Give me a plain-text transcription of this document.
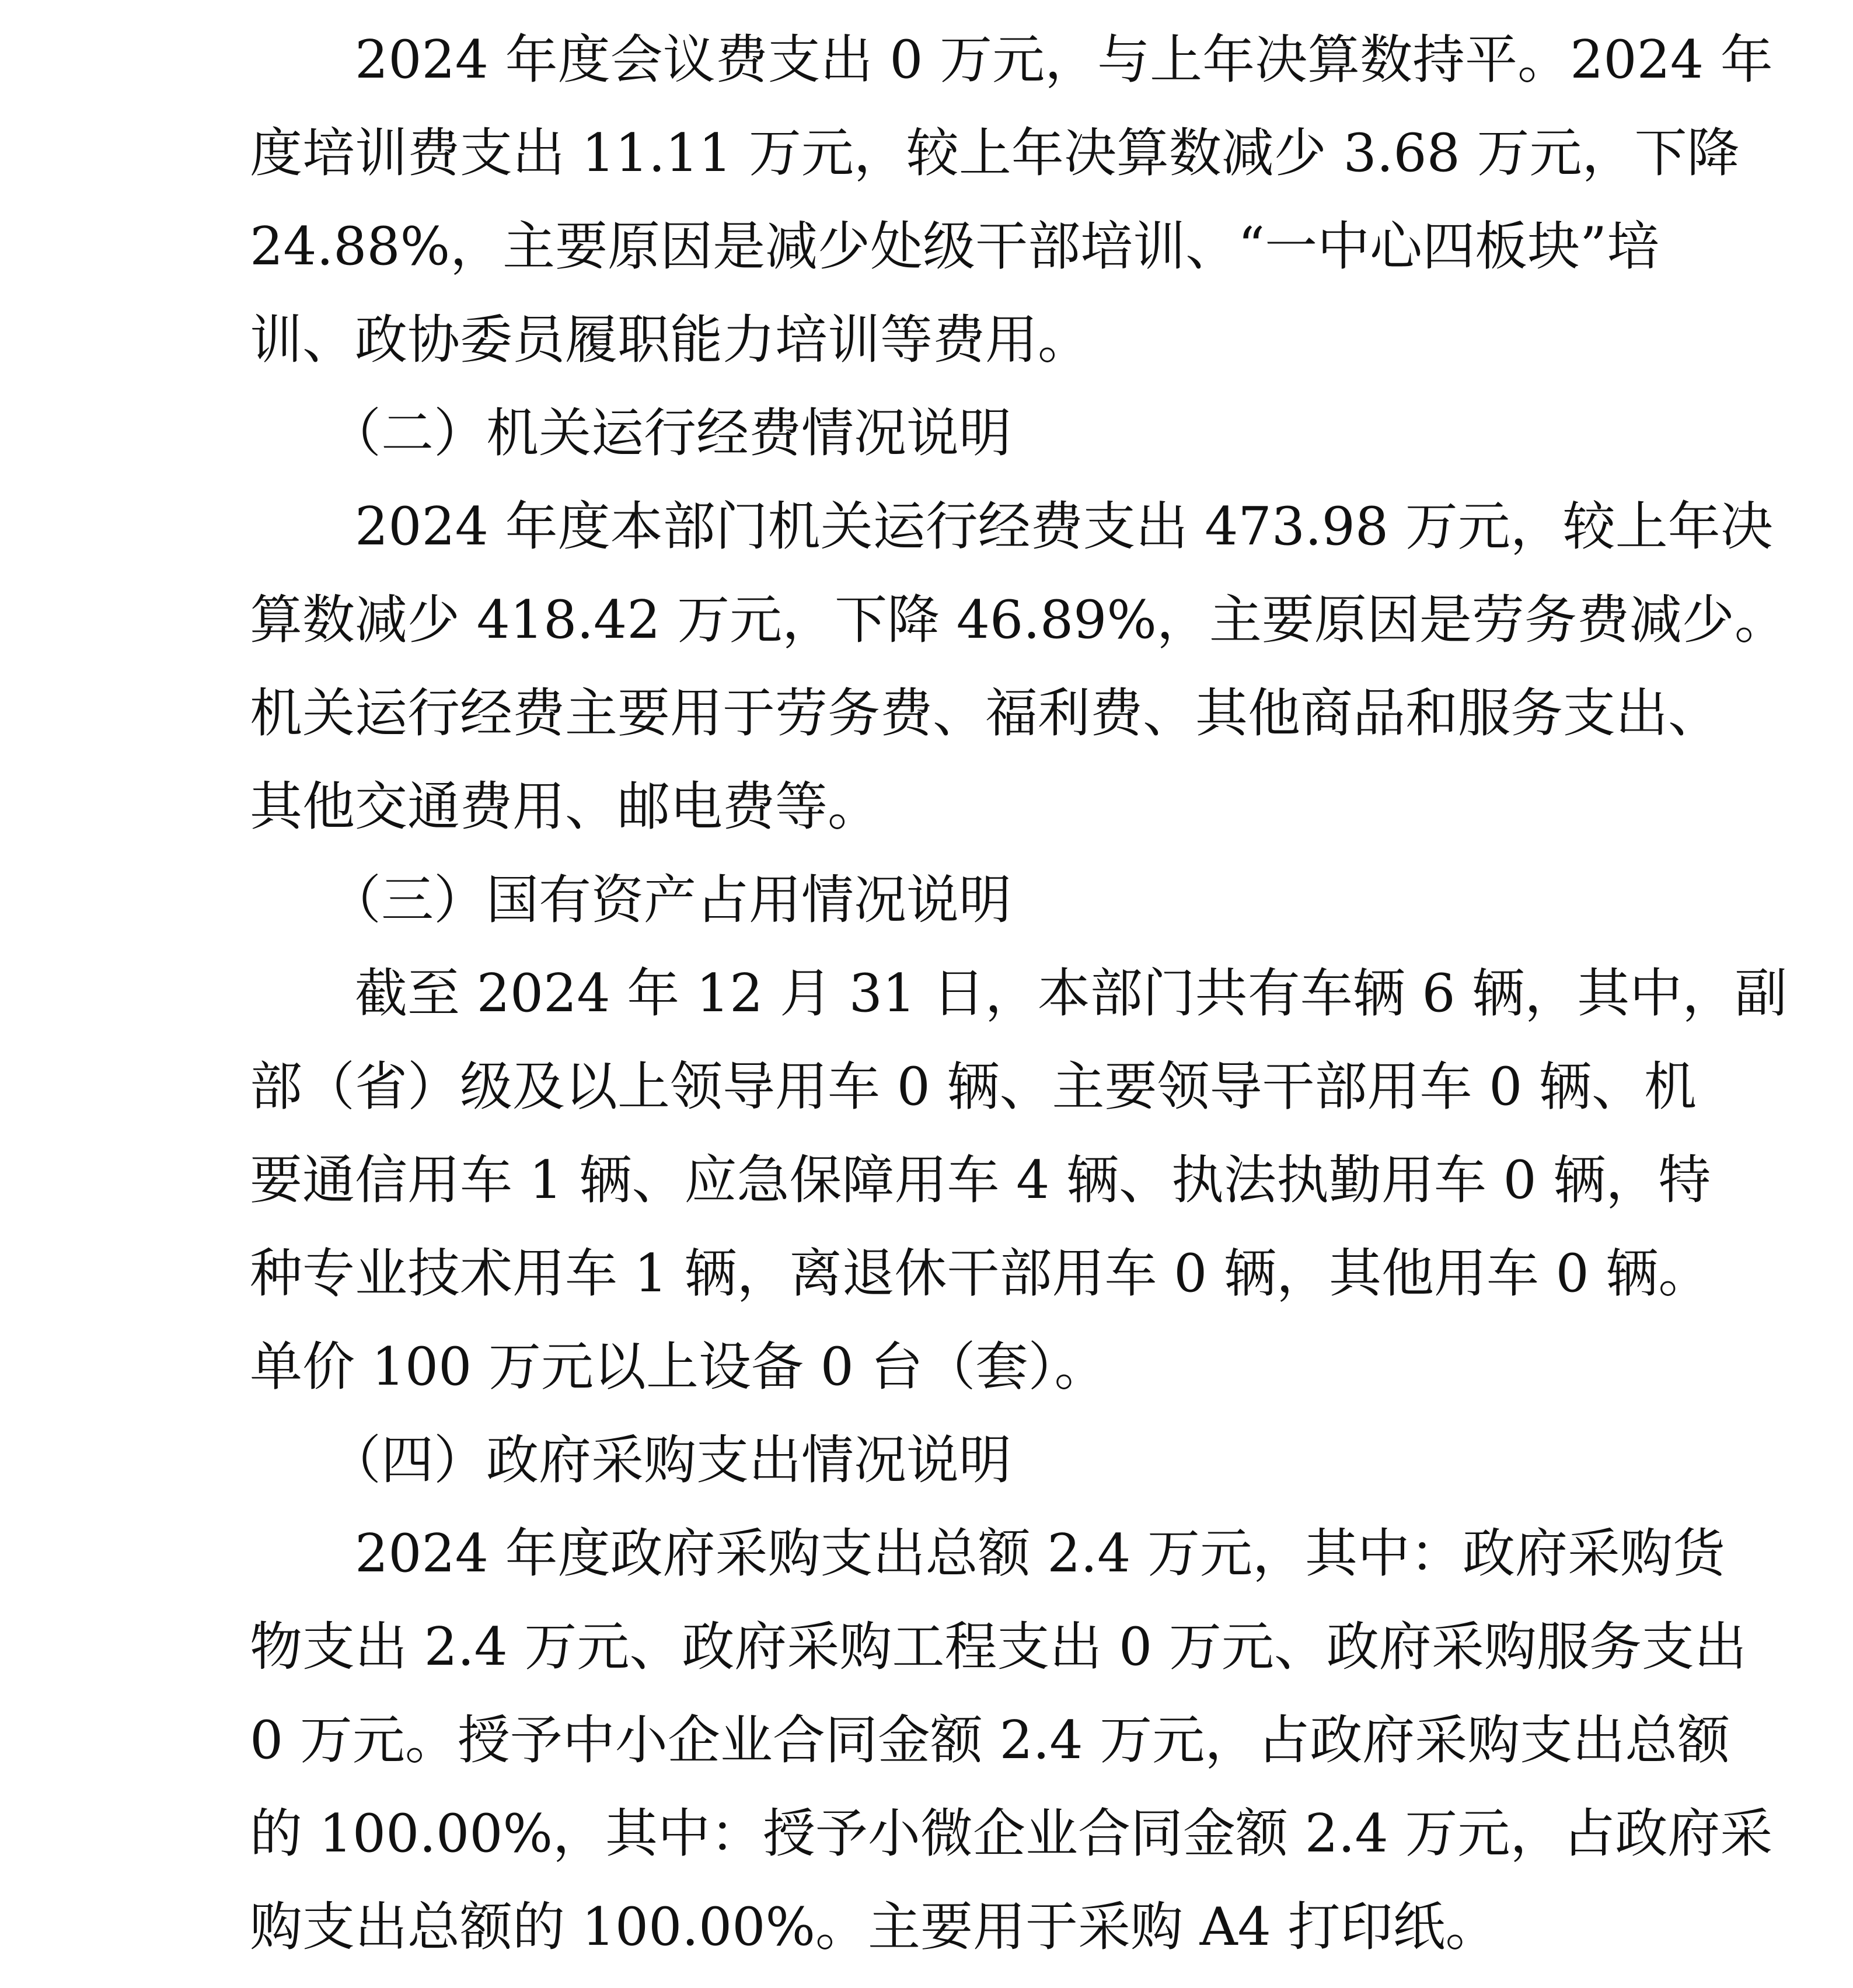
　　2024 年度会议费支出 0 万元，与上年决算数持平。2024 年

度培训费支出 11.11 万元，较上年决算数减少 3.68 万元，下降

24.88%，主要原因是减少处级干部培训、“一中心四板块”培

训、政协委员履职能力培训等费用。

　　（二）机关运行经费情况说明

　　2024 年度本部门机关运行经费支出 473.98 万元，较上年决

算数减少 418.42 万元，下降 46.89%，主要原因是劳务费减少。

机关运行经费主要用于劳务费、福利费、其他商品和服务支出、

其他交通费用、邮电费等。

　　（三）国有资产占用情况说明

　　截至 2024 年 12 月 31 日，本部门共有车辆 6 辆，其中，副

部（省）级及以上领导用车 0 辆、主要领导干部用车 0 辆、机

要通信用车 1 辆、应急保障用车 4 辆、执法执勤用车 0 辆，特

种专业技术用车 1 辆，离退休干部用车 0 辆，其他用车 0 辆。

单价 100 万元以上设备 0 台（套）。

　　（四）政府采购支出情况说明

　　2024 年度政府采购支出总额 2.4 万元，其中：政府采购货

物支出 2.4 万元、政府采购工程支出 0 万元、政府采购服务支出

0 万元。授予中小企业合同金额 2.4 万元，占政府采购支出总额

的 100.00%，其中：授予小微企业合同金额 2.4 万元，占政府采

购支出总额的 100.00%。主要用于采购 A4 打印纸。
